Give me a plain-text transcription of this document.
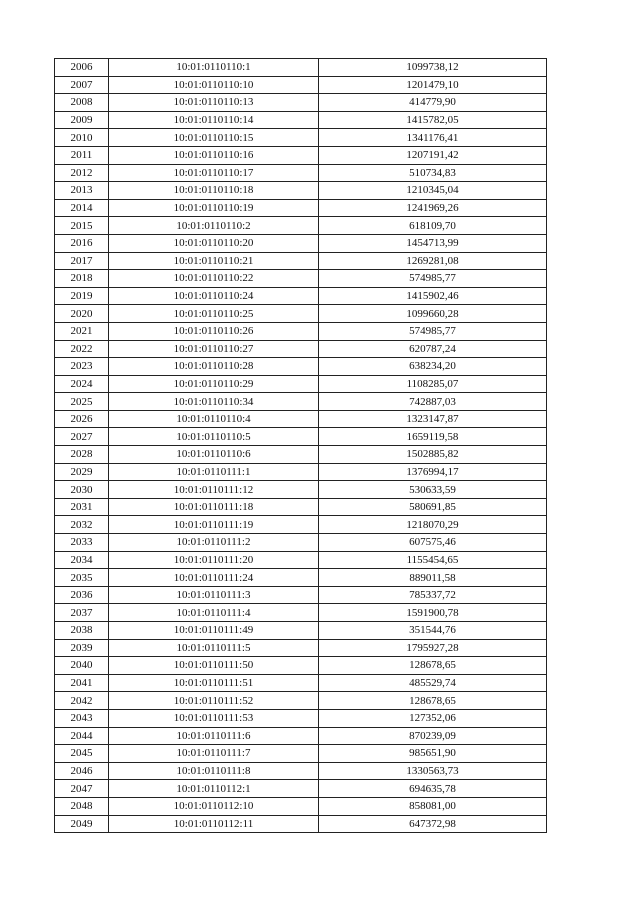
2006	10:01:0110110:1	1099738,12
2007	10:01:0110110:10	1201479,10
2008	10:01:0110110:13	414779,90
2009	10:01:0110110:14	1415782,05
2010	10:01:0110110:15	1341176,41
2011	10:01:0110110:16	1207191,42
2012	10:01:0110110:17	510734,83
2013	10:01:0110110:18	1210345,04
2014	10:01:0110110:19	1241969,26
2015	10:01:0110110:2	618109,70
2016	10:01:0110110:20	1454713,99
2017	10:01:0110110:21	1269281,08
2018	10:01:0110110:22	574985,77
2019	10:01:0110110:24	1415902,46
2020	10:01:0110110:25	1099660,28
2021	10:01:0110110:26	574985,77
2022	10:01:0110110:27	620787,24
2023	10:01:0110110:28	638234,20
2024	10:01:0110110:29	1108285,07
2025	10:01:0110110:34	742887,03
2026	10:01:0110110:4	1323147,87
2027	10:01:0110110:5	1659119,58
2028	10:01:0110110:6	1502885,82
2029	10:01:0110111:1	1376994,17
2030	10:01:0110111:12	530633,59
2031	10:01:0110111:18	580691,85
2032	10:01:0110111:19	1218070,29
2033	10:01:0110111:2	607575,46
2034	10:01:0110111:20	1155454,65
2035	10:01:0110111:24	889011,58
2036	10:01:0110111:3	785337,72
2037	10:01:0110111:4	1591900,78
2038	10:01:0110111:49	351544,76
2039	10:01:0110111:5	1795927,28
2040	10:01:0110111:50	128678,65
2041	10:01:0110111:51	485529,74
2042	10:01:0110111:52	128678,65
2043	10:01:0110111:53	127352,06
2044	10:01:0110111:6	870239,09
2045	10:01:0110111:7	985651,90
2046	10:01:0110111:8	1330563,73
2047	10:01:0110112:1	694635,78
2048	10:01:0110112:10	858081,00
2049	10:01:0110112:11	647372,98
